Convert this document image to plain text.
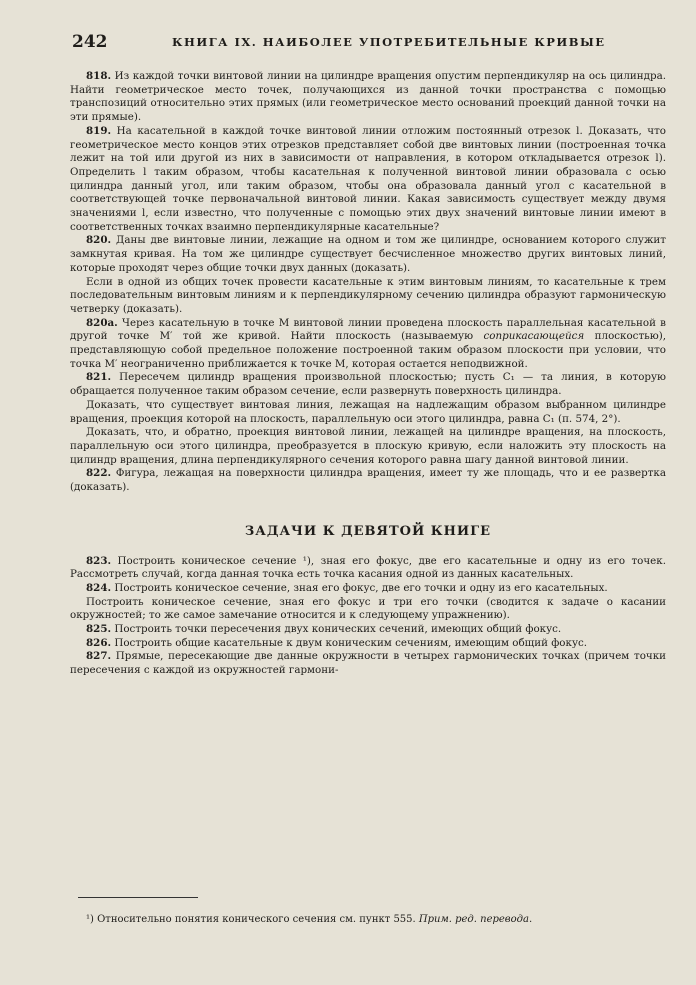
242	КНИГА IX. НАИБОЛЕЕ УПОТРЕБИТЕЛЬНЫЕ КРИВЫЕ

818. Из каждой точки винтовой линии на цилиндре вращения опустим перпендикуляр на ось цилиндра. Найти геометрическое место точек, получающихся из данной точки пространства с помощью транспозиций относительно этих прямых (или геометрическое место оснований проекций данной точки на эти прямые).

819. На касательной в каждой точке винтовой линии отложим постоянный отрезок l. Доказать, что геометрическое место концов этих отрезков представляет собой две винтовых линии (построенная точка лежит на той или другой из них в зависимости от направления, в котором откладывается отрезок l). Определить l таким образом, чтобы касательная к полученной винтовой линии образовала с осью цилиндра данный угол, или таким образом, чтобы она образовала данный угол с касательной в соответствующей точке первоначальной винтовой линии. Какая зависимость существует между двумя значениями l, если известно, что полученные с помощью этих двух значений винтовые линии имеют в соответственных точках взаимно перпендикулярные касательные?

820. Даны две винтовые линии, лежащие на одном и том же цилиндре, основанием которого служит замкнутая кривая. На том же цилиндре существует бесчисленное множество других винтовых линий, которые проходят через общие точки двух данных (доказать).

Если в одной из общих точек провести касательные к этим винтовым линиям, то касательные к трем последовательным винтовым линиям и к перпендикулярному сечению цилиндра образуют гармоническую четверку (доказать).

820a. Через касательную в точке M винтовой линии проведена плоскость параллельная касательной в другой точке M′ той же кривой. Найти плоскость (называемую соприкасающейся плоскостью), представляющую собой предельное положение построенной таким образом плоскости при условии, что точка M′ неограниченно приближается к точке M, которая остается неподвижной.

821. Пересечем цилиндр вращения произвольной плоскостью; пусть C₁ — та линия, в которую обращается полученное таким образом сечение, если развернуть поверхность цилиндра.

Доказать, что существует винтовая линия, лежащая на надлежащим образом выбранном цилиндре вращения, проекция которой на плоскость, параллельную оси этого цилиндра, равна C₁ (п. 574, 2°).

Доказать, что, и обратно, проекция винтовой линии, лежащей на цилиндре вращения, на плоскость, параллельную оси этого цилиндра, преобразуется в плоскую кривую, если наложить эту плоскость на цилиндр вращения, длина перпендикулярного сечения которого равна шагу данной винтовой линии.

822. Фигура, лежащая на поверхности цилиндра вращения, имеет ту же площадь, что и ее развертка (доказать).

ЗАДАЧИ К ДЕВЯТОЙ КНИГЕ

823. Построить коническое сечение ¹), зная его фокус, две его касательные и одну из его точек. Рассмотреть случай, когда данная точка есть точка касания одной из данных касательных.

824. Построить коническое сечение, зная его фокус, две его точки и одну из его касательных.

Построить коническое сечение, зная его фокус и три его точки (сводится к задаче о касании окружностей; то же самое замечание относится и к следующему упражнению).

825. Построить точки пересечения двух конических сечений, имеющих общий фокус.

826. Построить общие касательные к двум коническим сечениям, имеющим общий фокус.

827. Прямые, пересекающие две данные окружности в четырех гармонических точках (причем точки пересечения с каждой из окружностей гармони-

¹) Относительно понятия конического сечения см. пункт 555. Прим. ред. перевода.
